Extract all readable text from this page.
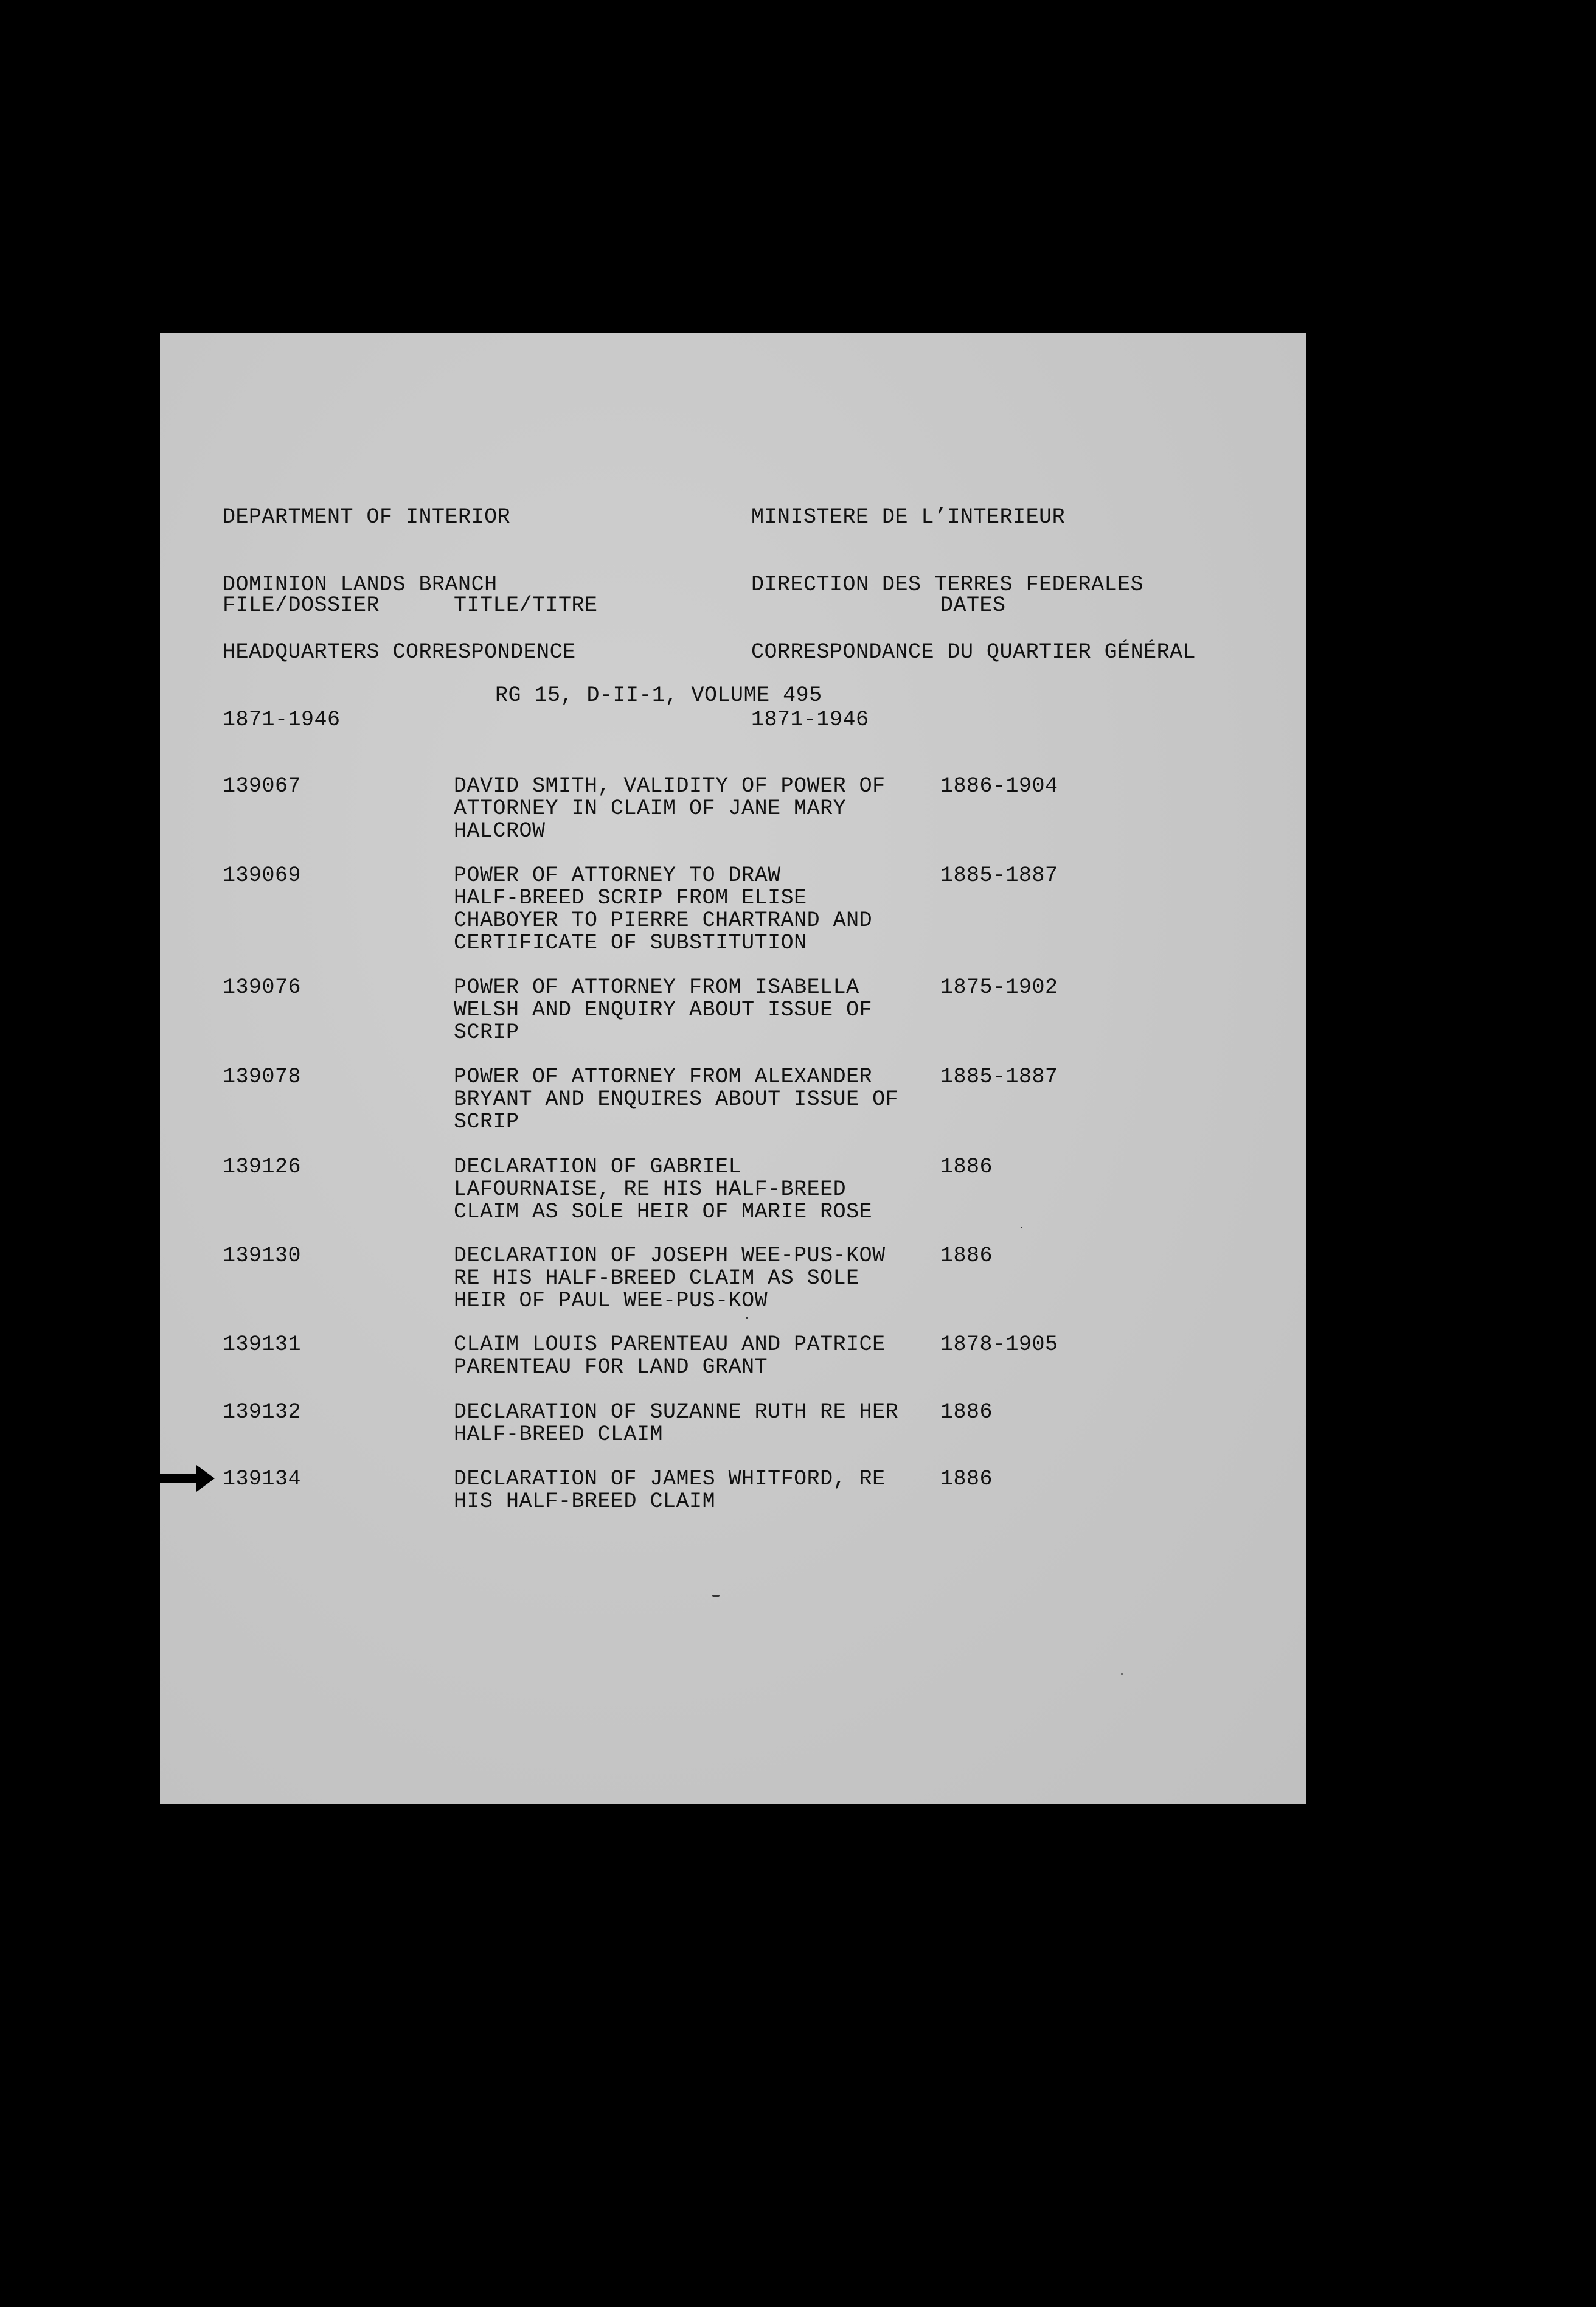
DEPARTMENT OF INTERIOR

DOMINION LANDS BRANCH

HEADQUARTERS CORRESPONDENCE

1871-1946

MINISTERE DE L’INTERIEUR

DIRECTION DES TERRES FEDERALES

CORRESPONDANCE DU QUARTIER GÉNÉRAL

1871-1946

FILE/DOSSIER	TITLE/TITRE	DATES
RG 15, D-II-1, VOLUME 495
139067	DAVID SMITH, VALIDITY OF POWER OF
ATTORNEY IN CLAIM OF JANE MARY
HALCROW
1886-1904
139069	POWER OF ATTORNEY TO DRAW
HALF-BREED SCRIP FROM ELISE
CHABOYER TO PIERRE CHARTRAND AND
CERTIFICATE OF SUBSTITUTION
1885-1887
139076	POWER OF ATTORNEY FROM ISABELLA
WELSH AND ENQUIRY ABOUT ISSUE OF
SCRIP
1875-1902
139078	POWER OF ATTORNEY FROM ALEXANDER
BRYANT AND ENQUIRES ABOUT ISSUE OF
SCRIP
1885-1887
139126	DECLARATION OF GABRIEL
LAFOURNAISE, RE HIS HALF-BREED
CLAIM AS SOLE HEIR OF MARIE ROSE
1886
139130	DECLARATION OF JOSEPH WEE-PUS-KOW
RE HIS HALF-BREED CLAIM AS SOLE
HEIR OF PAUL WEE-PUS-KOW
1886
139131	CLAIM LOUIS PARENTEAU AND PATRICE
PARENTEAU FOR LAND GRANT
1878-1905
139132	DECLARATION OF SUZANNE RUTH RE HER
HALF-BREED CLAIM
1886
139134	DECLARATION OF JAMES WHITFORD, RE
HIS HALF-BREED CLAIM
1886
